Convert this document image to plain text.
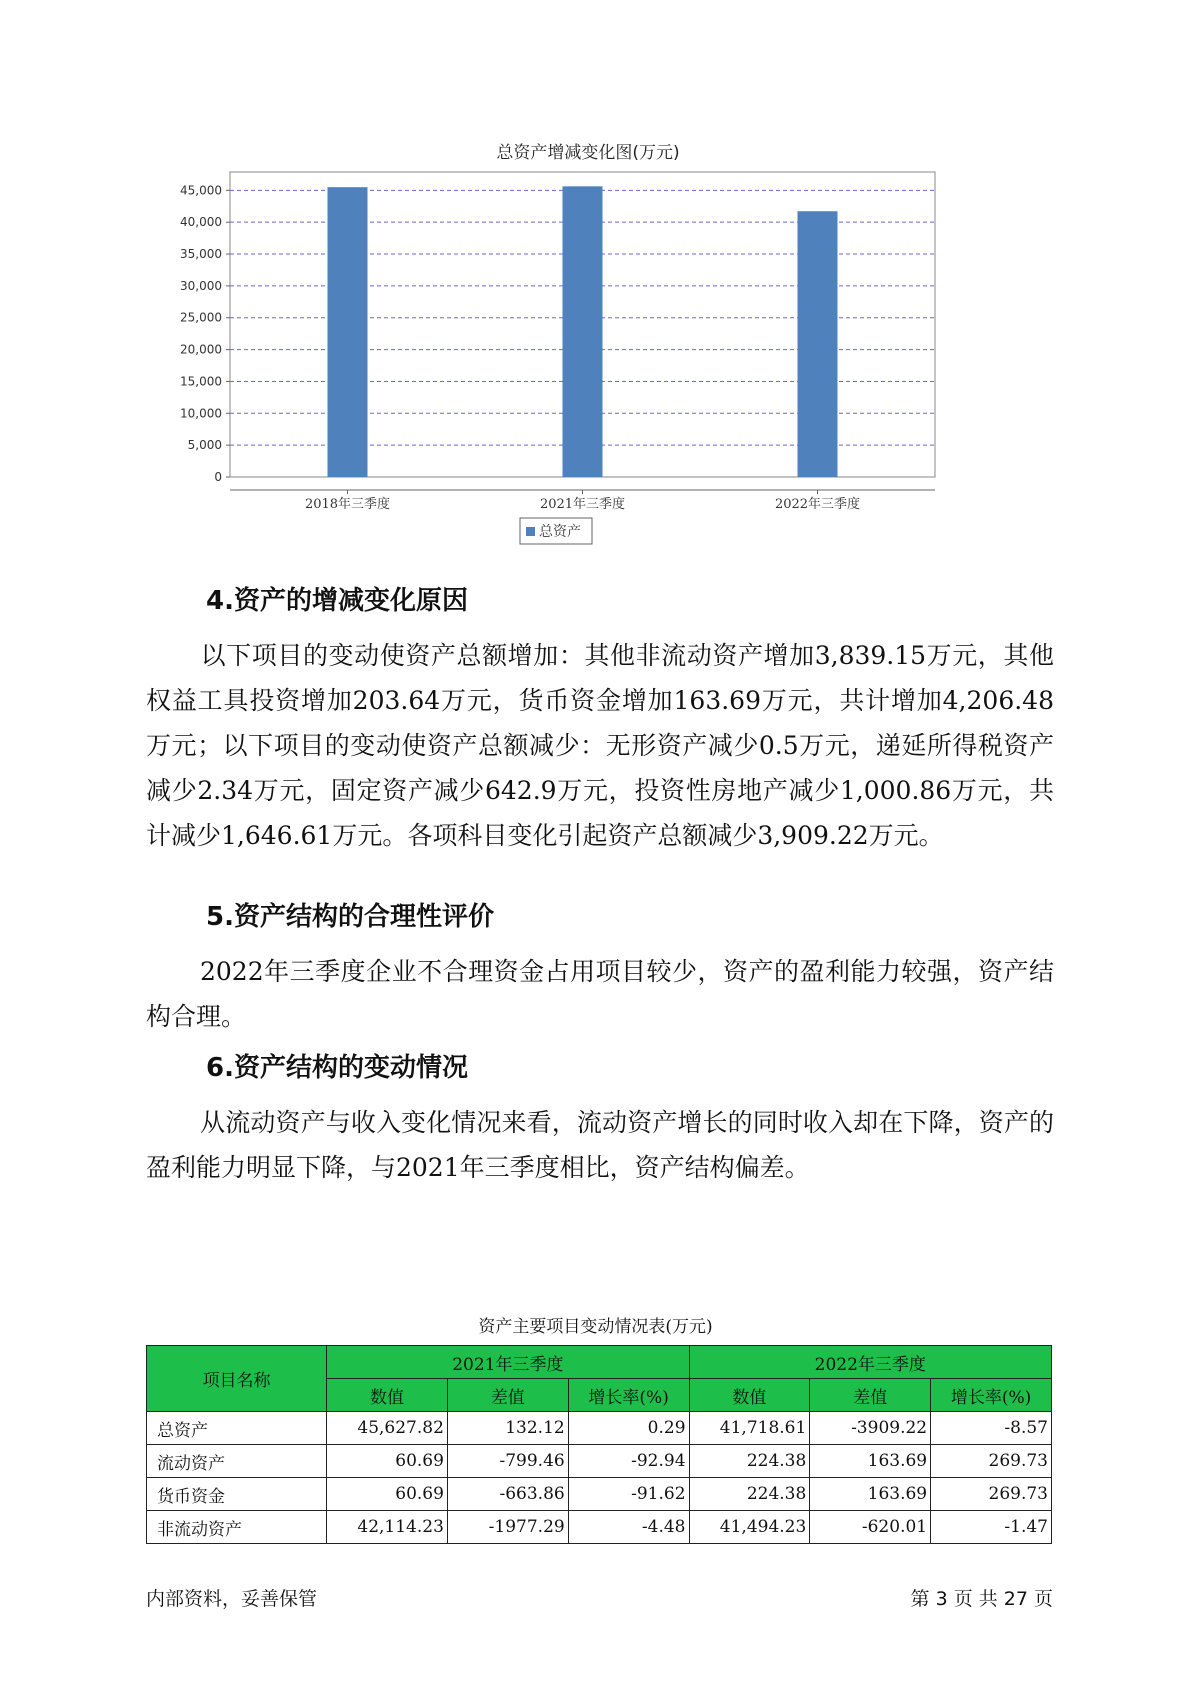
总资产增减变化图(万元)
0
5,000
10,000
15,000
20,000
25,000
30,000
35,000
40,000
45,000
2018年三季度	2021年三季度	2022年三季度
总资产
4.资产的增减变化原因
以下项目的变动使资产总额增加：其他非流动资产增加3,839.15万元，其他权益工具投资增加203.64万元，货币资金增加163.69万元，共计增加4,206.48万元；以下项目的变动使资产总额减少：无形资产减少0.5万元，递延所得税资产减少2.34万元，固定资产减少642.9万元，投资性房地产减少1,000.86万元，共计减少1,646.61万元。各项科目变化引起资产总额减少3,909.22万元。
5.资产结构的合理性评价
2022年三季度企业不合理资金占用项目较少，资产的盈利能力较强，资产结构合理。
6.资产结构的变动情况
从流动资产与收入变化情况来看，流动资产增长的同时收入却在下降，资产的盈利能力明显下降，与2021年三季度相比，资产结构偏差。
资产主要项目变动情况表(万元)
项目名称	2021年三季度			2022年三季度		
	数值	差值	增长率(%)	数值	差值	增长率(%)
总资产	45,627.82	132.12	0.29	41,718.61	-3909.22	-8.57
流动资产	60.69	-799.46	-92.94	224.38	163.69	269.73
货币资金	60.69	-663.86	-91.62	224.38	163.69	269.73
非流动资产	42,114.23	-1977.29	-4.48	41,494.23	-620.01	-1.47
内部资料，妥善保管	第 3 页 共 27 页
